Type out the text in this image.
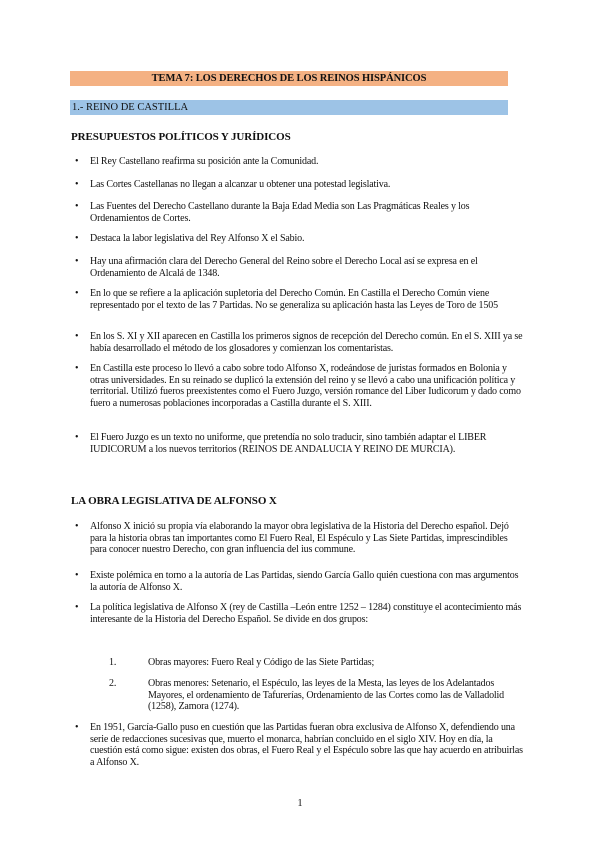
TEMA 7: LOS DERECHOS DE LOS REINOS HISPÁNICOS
1.- REINO DE CASTILLA
PRESUPUESTOS POLÍTICOS Y JURÍDICOS
• El Rey Castellano reafirma su posición ante la Comunidad.
• Las Cortes Castellanas no llegan a alcanzar u obtener una potestad legislativa.
• Las Fuentes del Derecho Castellano durante la Baja Edad Media son Las Pragmáticas Reales y los Ordenamientos de Cortes.
• Destaca la labor legislativa del Rey Alfonso X el Sabio.
• Hay una afirmación clara del Derecho General del Reino sobre el Derecho Local así se expresa en el Ordenamiento de Alcalá de 1348.
• En lo que se refiere a la aplicación supletoria del Derecho Común. En Castilla el Derecho Común viene representado por el texto de las 7 Partidas. No se generaliza su aplicación hasta las Leyes de Toro de 1505
• En los S. XI y XII aparecen en Castilla los primeros signos de recepción del Derecho común. En el S. XIII ya se había desarrollado el método de los glosadores y comienzan los comentaristas.
• En Castilla este proceso lo llevó a cabo sobre todo Alfonso X, rodeándose de juristas formados en Bolonia y otras universidades. En su reinado se duplicó la extensión del reino y se llevó a cabo una unificación política y territorial. Utilizó fueros preexistentes como el Fuero Juzgo, versión romance del Liber Iudicorum y dado como fuero a numerosas poblaciones incorporadas a Castilla durante el S. XIII.
• El Fuero Juzgo es un texto no uniforme, que pretendía no solo traducir, sino también adaptar el LIBER IUDICORUM a los nuevos territorios (REINOS DE ANDALUCIA Y REINO DE MURCIA).
LA OBRA LEGISLATIVA DE ALFONSO X
• Alfonso X inició su propia vía elaborando la mayor obra legislativa de la Historia del Derecho español. Dejó para la historia obras tan importantes como El Fuero Real, El Espéculo y Las Siete Partidas, imprescindibles para conocer nuestro Derecho, con gran influencia del ius commune.
• Existe polémica en torno a la autoría de Las Partidas, siendo García Gallo quién cuestiona con mas argumentos la autoría de Alfonso X.
• La política legislativa de Alfonso X (rey de Castilla –León entre 1252 – 1284) constituye el acontecimiento más interesante de la Historia del Derecho Español. Se divide en dos grupos:
1.	Obras mayores: Fuero Real y Código de las Siete Partidas;
2.	Obras menores: Setenario, el Espéculo, las leyes de la Mesta, las leyes de los Adelantados Mayores, el ordenamiento de Tafurerías, Ordenamiento de las Cortes como las de Valladolid (1258), Zamora (1274).
• En 1951, García-Gallo puso en cuestión que las Partidas fueran obra exclusiva de Alfonso X, defendiendo una serie de redacciones sucesivas que, muerto el monarca, habrían concluido en el siglo XIV. Hoy en día, la cuestión está como sigue: existen dos obras, el Fuero Real y el Espéculo sobre las que hay acuerdo en atribuirlas a Alfonso X.
1
